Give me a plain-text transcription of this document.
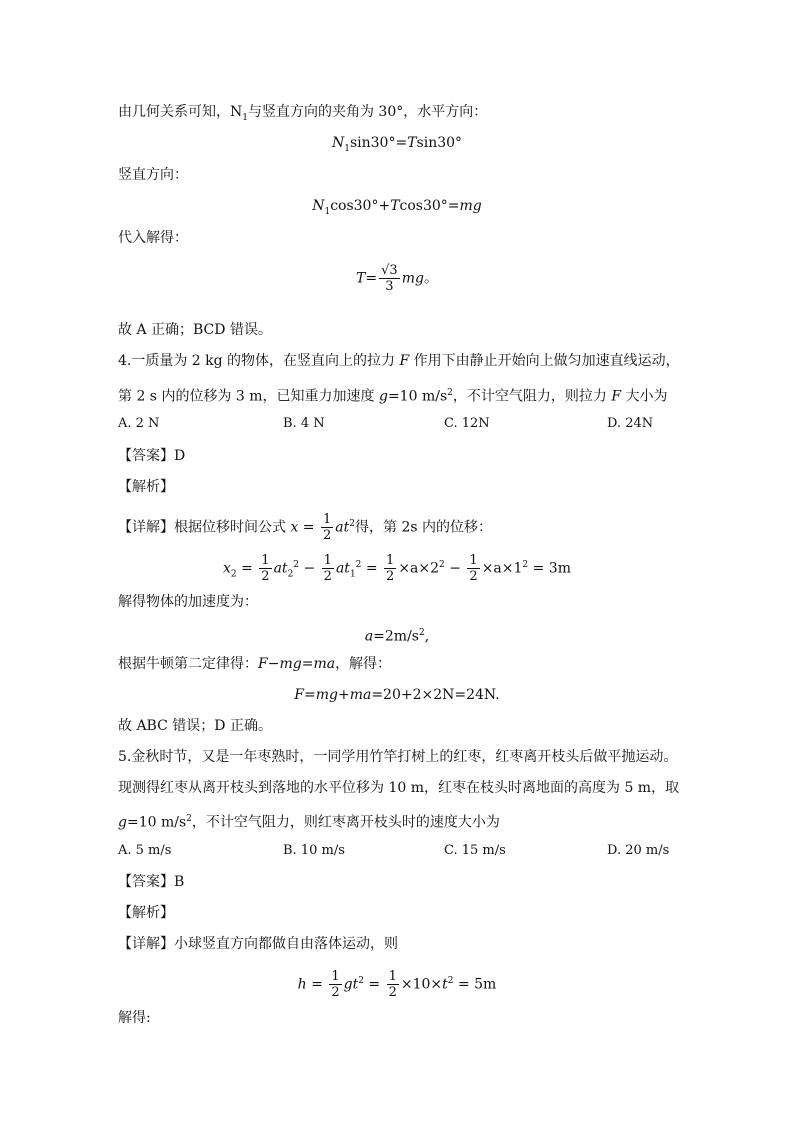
由几何关系可知，$N_1$与竖直方向的夹角为 30°，水平方向：
$N_1\sin 30^\circ=Tsin30^\circ$
竖直方向：
$N_1\cos 30^\circ+Tcos30^\circ=mg$
代入解得：
$T= \frac{√3}{3}$ mg。
故 A 正确；BCD 错误。
4.一质量为 2 kg 的物体，在竖直向上的拉力 F 作用下由静止开始向上做匀加速直线运动，
第 2 s 内的位移为 3 m，已知重力加速度 g=10 $m/s^2$，不计空气阻力，则拉力 F 大小为
A. 2 N	B. 4 N	C. 12N	D. 24N
【答案】D
【解析】
【详解】根据位移时间公式 $x = \frac{1}{2} at^2$得，第 2s 内的位移：
$x_2 = \frac{1}{2} at_2^2 - \frac{1}{2} at_1^2 = \frac{1}{2} \times a\times 2^2 - \frac{1}{2} \times a\times 1^2 = 3m$
解得物体的加速度为：
$a=2m/s^2$,
根据牛顿第二定律得：F−mg=ma，解得：
F=mg+ma=20+2×2N=24N.
故 ABC 错误；D 正确。
5.金秋时节，又是一年枣熟时，一同学用竹竿打树上的红枣，红枣离开枝头后做平抛运动。
现测得红枣从离开枝头到落地的水平位移为 10 m，红枣在枝头时离地面的高度为 5 m，取
g=10 $m/s^2$，不计空气阻力，则红枣离开枝头时的速度大小为
A. 5 m/s	B. 10 m/s	C. 15 m/s	D. 20 m/s
【答案】B
【解析】
【详解】小球竖直方向都做自由落体运动，则
$h = \frac{1}{2} gt^2 = \frac{1}{2} \times 10\times t^2 = 5m$
解得:
